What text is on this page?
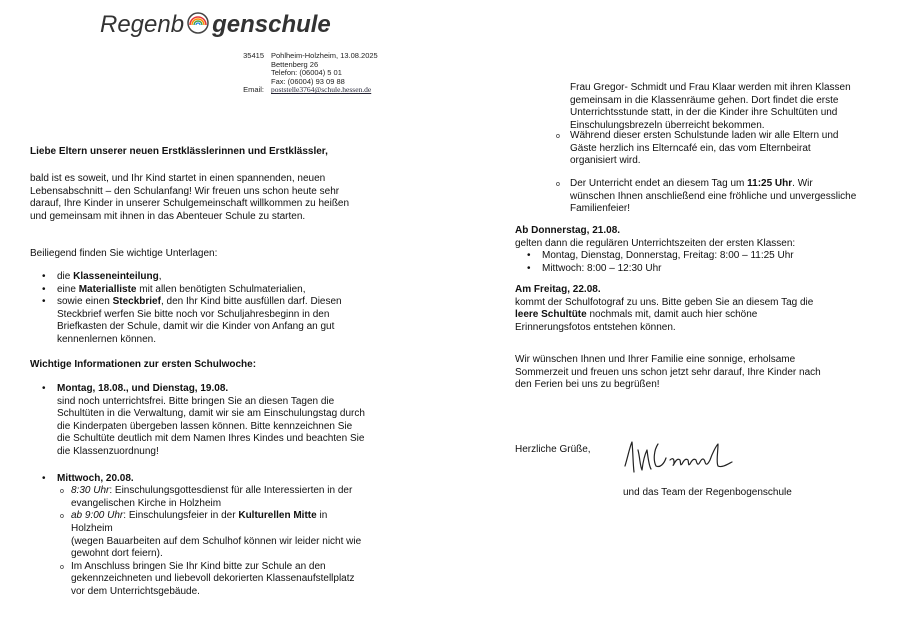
Regenb genschule
35415

Email:
Pohlheim-Holzheim, 13.08.2025
Bettenberg 26
Telefon: (06004) 5 01
Fax: (06004) 93 09 88
poststelle3764@schule.hessen.de
Liebe Eltern unserer neuen Erstklässlerinnen und Erstklässler,

bald ist es soweit, und Ihr Kind startet in einen spannenden, neuen Lebensabschnitt – den Schulanfang! Wir freuen uns schon heute sehr darauf, Ihre Kinder in unserer Schulgemeinschaft willkommen zu heißen und gemeinsam mit ihnen in das Abenteuer Schule zu starten.

Beiliegend finden Sie wichtige Unterlagen:

• die Klasseneinteilung,
• eine Materialliste mit allen benötigten Schulmaterialien,
• sowie einen Steckbrief, den Ihr Kind bitte ausfüllen darf. Diesen Steckbrief werfen Sie bitte noch vor Schuljahresbeginn in den Briefkasten der Schule, damit wir die Kinder von Anfang an gut kennenlernen können.
Wichtige Informationen zur ersten Schulwoche:
• Montag, 18.08., und Dienstag, 19.08.
sind noch unterrichtsfrei. Bitte bringen Sie an diesen Tagen die Schultüten in die Verwaltung, damit wir sie am Einschulungstag durch die Kinderpaten übergeben lassen können. Bitte kennzeichnen Sie die Schultüte deutlich mit dem Namen Ihres Kindes und beachten Sie die Klassenzuordnung!
• Mittwoch, 20.08.
o 8:30 Uhr: Einschulungsgottesdienst für alle Interessierten in der evangelischen Kirche in Holzheim
o ab 9:00 Uhr: Einschulungsfeier in der Kulturellen Mitte in Holzheim
(wegen Bauarbeiten auf dem Schulhof können wir leider nicht wie gewohnt dort feiern).
o Im Anschluss bringen Sie Ihr Kind bitte zur Schule an den gekennzeichneten und liebevoll dekorierten Klassenaufstellplatz vor dem Unterrichtsgebäude.

Frau Gregor- Schmidt und Frau Klaar werden mit ihren Klassen gemeinsam in die Klassenräume gehen. Dort findet die erste Unterrichtsstunde statt, in der die Kinder ihre Schultüten und Einschulungsbrezeln überreicht bekommen.

o Während dieser ersten Schulstunde laden wir alle Eltern und Gäste herzlich ins Elterncafé ein, das vom Elternbeirat organisiert wird.
o Der Unterricht endet an diesem Tag um 11:25 Uhr. Wir wünschen Ihnen anschließend eine fröhliche und unvergessliche Familienfeier!
Ab Donnerstag, 21.08.
gelten dann die regulären Unterrichtszeiten der ersten Klassen:
• Montag, Dienstag, Donnerstag, Freitag: 8:00 – 11:25 Uhr
• Mittwoch: 8:00 – 12:30 Uhr
Am Freitag, 22.08.
kommt der Schulfotograf zu uns. Bitte geben Sie an diesem Tag die leere Schultüte nochmals mit, damit auch hier schöne Erinnerungsfotos entstehen können.

Wir wünschen Ihnen und Ihrer Familie eine sonnige, erholsame Sommerzeit und freuen uns schon jetzt sehr darauf, Ihre Kinder nach den Ferien bei uns zu begrüßen!

Herzliche Grüße,

und das Team der Regenbogenschule
